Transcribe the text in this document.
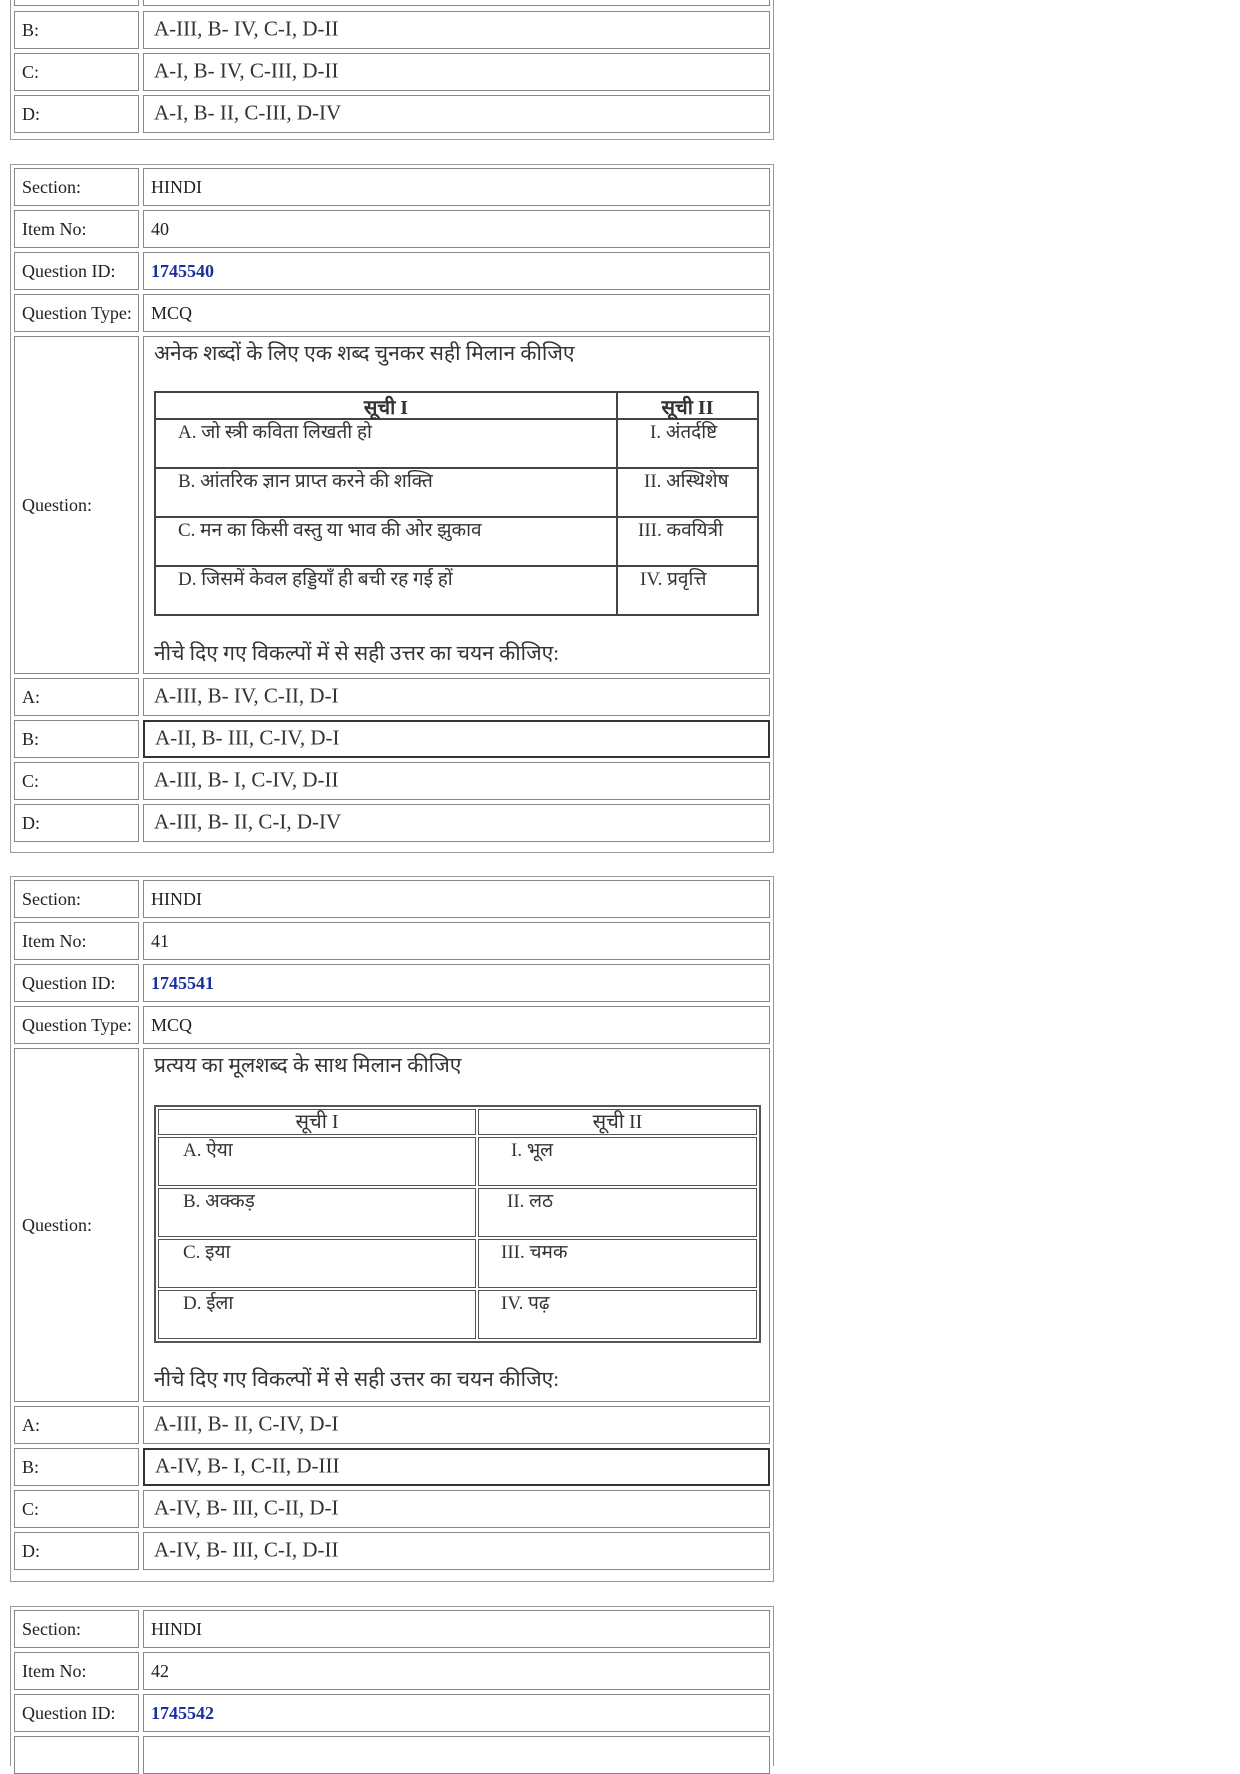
B:	A-III, B- IV, C-I, D-II
C:	A-I, B- IV, C-III, D-II
D:	A-I, B- II, C-III, D-IV
Section:	HINDI
Item No:	40
Question ID: 1745540
Question Type: MCQ
Question:
अनेक शब्दों के लिए एक शब्द चुनकर सही मिलान कीजिए
सूची I	सूची II
A. जो स्त्री कविता लिखती हो	I. अंतर्दष्टि
B. आंतरिक ज्ञान प्राप्त करने की शक्ति	II. अस्थिशेष
C. मन का किसी वस्तु या भाव की ओर झुकाव	III. कवयित्री
D. जिसमें केवल हड्डियाँ ही बची रह गई हों	IV. प्रवृत्ति
नीचे दिए गए विकल्पों में से सही उत्तर का चयन कीजिए:
A:	A-III, B- IV, C-II, D-I
B:	A-II, B- III, C-IV, D-I
C:	A-III, B- I, C-IV, D-II
D:	A-III, B- II, C-I, D-IV
Section:	HINDI
Item No:	41
Question ID: 1745541
Question Type: MCQ
Question:
प्रत्यय का मूलशब्द के साथ मिलान कीजिए
सूची I	सूची II
A. ऐया	I. भूल
B. अक्कड़	II. लठ
C. इया	III. चमक
D. ईला	IV. पढ़
नीचे दिए गए विकल्पों में से सही उत्तर का चयन कीजिए:
A:	A-III, B- II, C-IV, D-I
B:	A-IV, B- I, C-II, D-III
C:	A-IV, B- III, C-II, D-I
D:	A-IV, B- III, C-I, D-II
Section:	HINDI
Item No:	42
Question ID: 1745542
